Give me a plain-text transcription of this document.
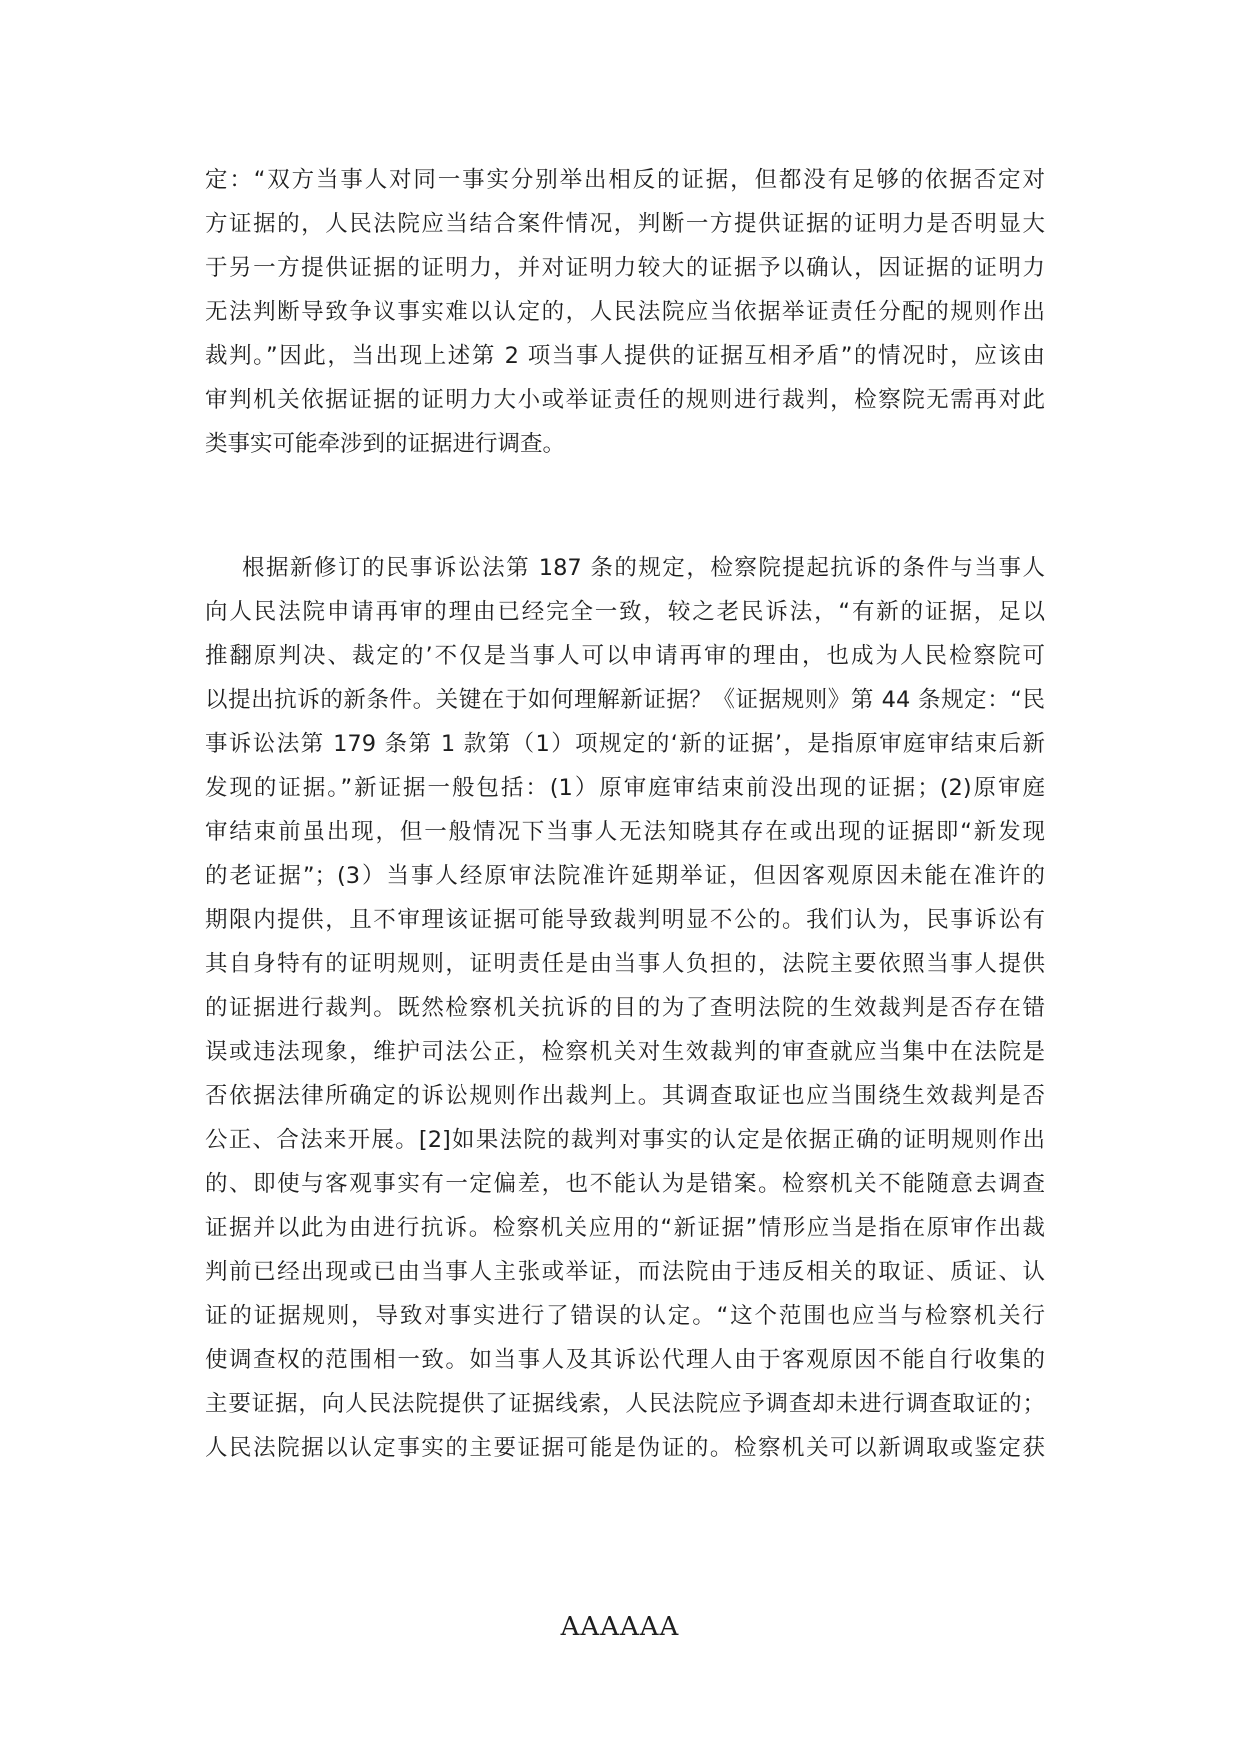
定：“双方当事人对同一事实分别举出相反的证据，但都没有足够的依据否定对
方证据的，人民法院应当结合案件情况，判断一方提供证据的证明力是否明显大
于另一方提供证据的证明力，并对证明力较大的证据予以确认，因证据的证明力
无法判断导致争议事实难以认定的，人民法院应当依据举证责任分配的规则作出
裁判。”因此，当出现上述第 2 项当事人提供的证据互相矛盾”的情况时，应该由
审判机关依据证据的证明力大小或举证责任的规则进行裁判，检察院无需再对此
类事实可能牵涉到的证据进行调查。
根据新修订的民事诉讼法第 187 条的规定，检察院提起抗诉的条件与当事人
向人民法院申请再审的理由已经完全一致，较之老民诉法，“有新的证据，足以
推翻原判决、裁定的’不仅是当事人可以申请再审的理由，也成为人民检察院可
以提出抗诉的新条件。关键在于如何理解新证据？《证据规则》第 44 条规定：“民
事诉讼法第 179 条第 1 款第（1）项规定的‘新的证据’，是指原审庭审结束后新
发现的证据。”新证据一般包括：(1）原审庭审结束前没出现的证据；(2)原审庭
审结束前虽出现，但一般情况下当事人无法知晓其存在或出现的证据即“新发现
的老证据”；(3）当事人经原审法院准许延期举证，但因客观原因未能在准许的
期限内提供，且不审理该证据可能导致裁判明显不公的。我们认为，民事诉讼有
其自身特有的证明规则，证明责任是由当事人负担的，法院主要依照当事人提供
的证据进行裁判。既然检察机关抗诉的目的为了查明法院的生效裁判是否存在错
误或违法现象，维护司法公正，检察机关对生效裁判的审查就应当集中在法院是
否依据法律所确定的诉讼规则作出裁判上。其调查取证也应当围绕生效裁判是否
公正、合法来开展。[2]如果法院的裁判对事实的认定是依据正确的证明规则作出
的、即使与客观事实有一定偏差，也不能认为是错案。检察机关不能随意去调查
证据并以此为由进行抗诉。检察机关应用的“新证据”情形应当是指在原审作出裁
判前已经出现或已由当事人主张或举证，而法院由于违反相关的取证、质证、认
证的证据规则，导致对事实进行了错误的认定。“这个范围也应当与检察机关行
使调查权的范围相一致。如当事人及其诉讼代理人由于客观原因不能自行收集的
主要证据，向人民法院提供了证据线索，人民法院应予调查却未进行调查取证的；
人民法院据以认定事实的主要证据可能是伪证的。检察机关可以新调取或鉴定获
AAAAAA
